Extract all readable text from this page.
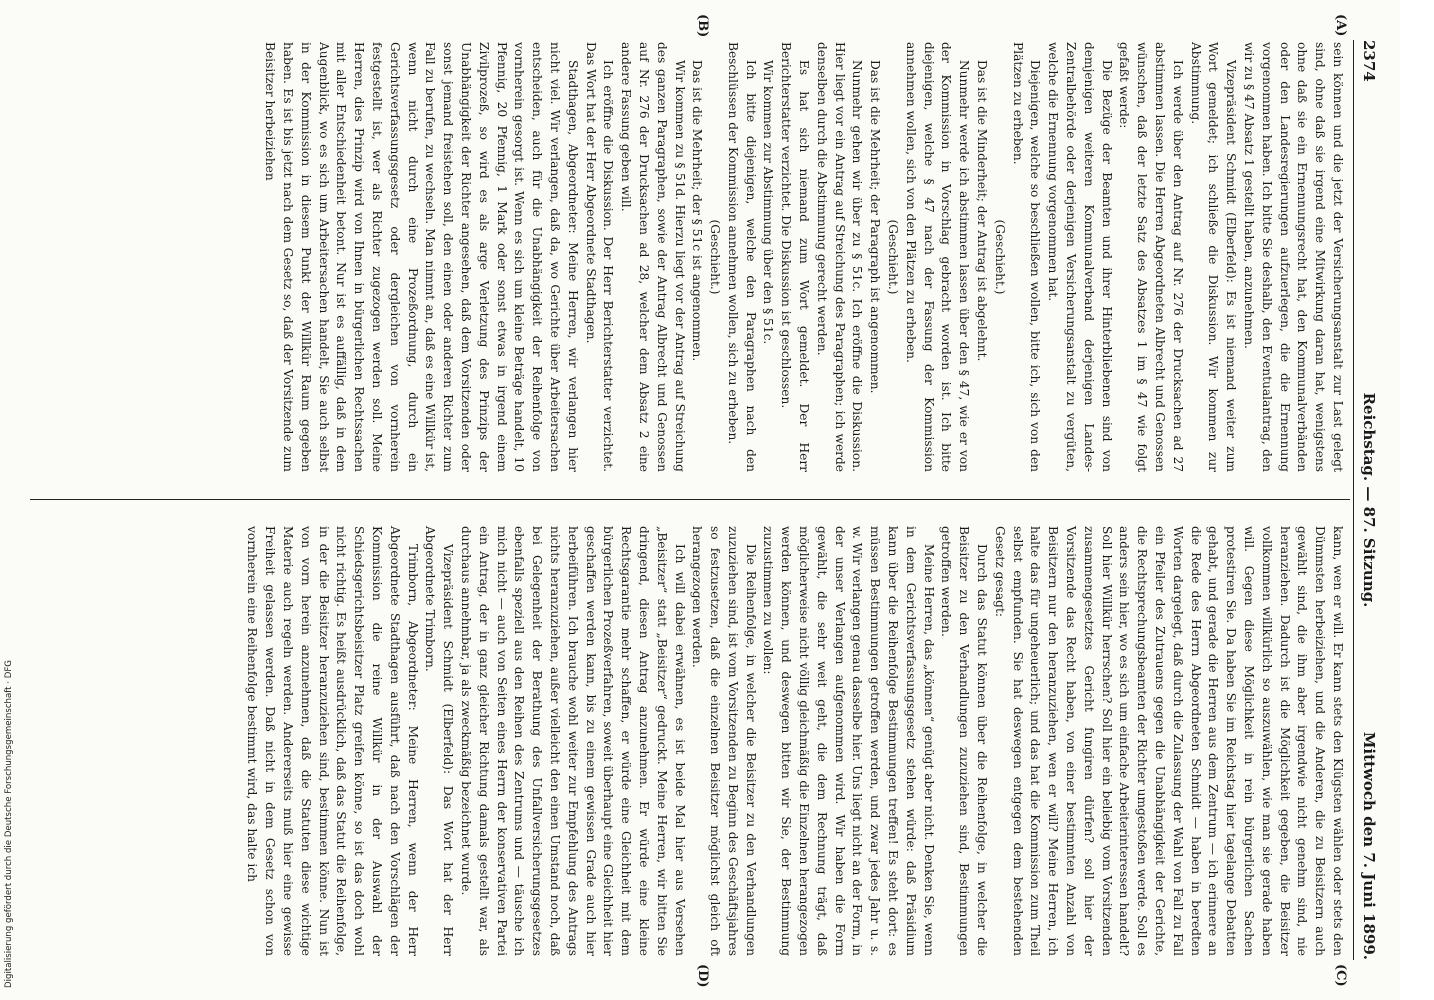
2374
Reichstag. — 87. Sitzung.
Mittwoch den 7. Juni 1899.
(A)
(B)
(C)
(D)

sein können und die jetzt der Versicherungsanstalt zur Last gelegt sind, ohne daß sie irgend eine Mitwirkung daran hat, wenigstens ohne daß sie ein Ernennungsrecht hat, den Kommunalverbänden oder den Landesregierungen aufzuerlegen, die die Ernennung vorgenommen haben. Ich bitte Sie deshalb, den Eventualantrag, den wir zu § 47 Absatz 1 gestellt haben, anzunehmen.

Vizepräsident Schmidt (Elberfeld): Es ist niemand weiter zum Wort gemeldet; ich schließe die Diskussion. Wir kommen zur Abstimmung.

Ich werde über den Antrag auf Nr. 276 der Drucksachen ad 27 abstimmen lassen. Die Herren Abgeordneten Albrecht und Genossen wünschen, daß der letzte Satz des Absatzes 1 im § 47 wie folgt gefaßt werde:

Die Bezüge der Beamten und ihrer Hinterbliebenen sind von demjenigen weiteren Kommunalverband derjenigen Landes-Zentralbehörde oder derjenigen Versicherungsanstalt zu vergüten, welche die Ernennung vorgenommen hat.

Diejenigen, welche so beschließen wollen, bitte ich, sich von den Plätzen zu erheben.

(Geschieht.)

Das ist die Minderheit; der Antrag ist abgelehnt.

Nunmehr werde ich abstimmen lassen über den § 47, wie er von der Kommission in Vorschlag gebracht worden ist. Ich bitte diejenigen, welche § 47 nach der Fassung der Kommission annehmen wollen, sich von den Plätzen zu erheben.

(Geschieht.)

Das ist die Mehrheit; der Paragraph ist angenommen.

Nunmehr gehen wir über zu § 51c. Ich eröffne die Diskussion. Hier liegt vor ein Antrag auf Streichung des Paragraphen; ich werde denselben durch die Abstimmung gerecht werden.

Es hat sich niemand zum Wort gemeldet. Der Herr Berichterstatter verzichtet. Die Diskussion ist geschlossen.

Wir kommen zur Abstimmung über den § 51c.

Ich bitte diejenigen, welche den Paragraphen nach den Beschlüssen der Kommission annehmen wollen, sich zu erheben.

(Geschieht.)

Das ist die Mehrheit; der § 51c ist angenommen.

Wir kommen zu § 51d. Hierzu liegt vor der Antrag auf Streichung des ganzen Paragraphen, sowie der Antrag Albrecht und Genossen auf Nr. 276 der Drucksachen ad 28, welcher dem Absatz 2 eine andere Fassung geben will.

Ich eröffne die Diskussion. Der Herr Berichterstatter verzichtet. Das Wort hat der Herr Abgeordnete Stadthagen.

Stadthagen, Abgeordneter: Meine Herren, wir verlangen hier nicht viel. Wir verlangen, daß da, wo Gerichte über Arbeitersachen entscheiden, auch für die Unabhängigkeit der Reihenfolge von vornherein gesorgt ist. Wenn es sich um kleine Beträge handelt, 10 Pfennig, 20 Pfennig, 1 Mark oder sonst etwas in irgend einem Zivilprozeß, so wird es als arge Verletzung des Prinzips der Unabhängigkeit der Richter angesehen, daß dem Vorsitzenden oder sonst jemand freistehen soll, den einen oder anderen Richter zum Fall zu berufen, zu wechseln. Man nimmt an, daß es eine Willkür ist, wenn nicht durch eine Prozeßordnung, durch ein Gerichtsverfassungsgesetz oder dergleichen von vornherein festgestellt ist, wer als Richter zugezogen werden soll. Meine Herren, dies Prinzip wird von Ihnen in bürgerlichen Rechtssachen mit aller Entschiedenheit betont. Nur ist es auffällig, daß in dem Augenblick, wo es sich um Arbeitersachen handelt, Sie auch selbst in der Kommission in diesem Punkt der Willkür Raum gegeben haben. Es ist bis jetzt nach dem Gesetz so, daß der Vorsitzende zum Beisitzer herbeiziehen

kann, wen er will. Er kann stets den Klügsten wählen oder stets den Dümmsten herbeiziehen, und die Anderen, die zu Beisitzern auch gewählt sind, die ihm aber irgendwie nicht genehm sind, nie heranziehen. Dadurch ist die Möglichkeit gegeben, die Beisitzer vollkommen willkürlich so auszuwählen, wie man sie gerade haben will. Gegen diese Möglichkeit in rein bürgerlichen Sachen protestiren Sie. Da haben Sie im Reichstag hier tagelange Debatten gehabt, und gerade die Herren aus dem Zentrum — ich erinnere an die Rede des Herrn Abgeordneten Schmidt — haben in beredten Worten dargelegt, daß durch die Zulassung der Wahl von Fall zu Fall ein Pfeiler des Zutrauens gegen die Unabhängigkeit der Gerichte, die Rechtsprechungsbeamten der Richter umgestoßen werde. Soll es anders sein hier, wo es sich um einfache Arbeiterinteressen handelt? Soll hier Willkür herrschen? Soll hier ein beliebig vom Vorsitzenden zusammengesetztes Gericht fungiren dürfen? soll hier der Vorsitzende das Recht haben, von einer bestimmten Anzahl von Beisitzern nur den heranzuziehen, wen er will? Meine Herren, ich halte das für ungeheuerlich; und das hat die Kommission zum Theil selbst empfunden. Sie hat deswegen entgegen dem bestehenden Gesetz gesagt:

Durch das Statut können über die Reihenfolge, in welcher die Beisitzer zu den Verhandlungen zuzuziehen sind, Bestimmungen getroffen werden.

Meine Herren, das „können“ genügt aber nicht. Denken Sie, wenn in dem Gerichtsverfassungsgesetz stehen würde: daß Präsidium kann über die Reihenfolge Bestimmungen treffen! Es steht dort: es müssen Bestimmungen getroffen werden, und zwar jedes Jahr u. s. w. Wir verlangen genau dasselbe hier. Uns liegt nicht an der Form, in der unser Verlangen aufgenommen wird. Wir haben die Form gewählt, die sehr weit geht, die dem Rechnung trägt, daß möglicherweise nicht völlig gleichmäßig die Einzelnen herangezogen werden können, und deswegen bitten wir Sie, der Bestimmung zuzustimmen zu wollen:

Die Reihenfolge, in welcher die Beisitzer zu den Verhandlungen zuzuziehen sind, ist vom Vorsitzenden zu Beginn des Geschäftsjahres so festzusetzen, daß die einzelnen Beisitzer möglichst gleich oft herangezogen werden.

Ich will dabei erwähnen, es ist beide Mal hier aus Versehen „Beisitzer“ statt „Beisitzer“ gedruckt. Meine Herren, wir bitten Sie dringend, diesen Antrag anzunehmen. Er würde eine kleine Rechtsgarantie mehr schaffen, er würde eine Gleichheit mit dem bürgerlichen Prozeßverfahren, soweit überhaupt eine Gleichheit hier geschaffen werden kann, bis zu einem gewissen Grade auch hier herbeiführen. Ich brauche wohl weiter zur Empfehlung des Antrags nichts heranzuziehen, außer vielleicht den einen Umstand noch, daß bei Gelegenheit der Berathung des Unfallversicherungsgesetzes ebenfalls speziell aus den Reihen des Zentrums und — täusche ich mich nicht — auch von Seiten eines Herrn der konservativen Partei ein Antrag, der in ganz gleicher Richtung damals gestellt war, als durchaus annehmbar, ja als zweckmäßig bezeichnet wurde.

Vizepräsident Schmidt (Elberfeld): Das Wort hat der Herr Abgeordnete Trimborn.

Trimborn, Abgeordneter: Meine Herren, wenn der Herr Abgeordnete Stadthagen ausführt, daß nach den Vorschlägen der Kommission die reine Willkür in der Auswahl der Schiedsgerichtsbeisitzer Platz greifen könne, so ist das doch wohl nicht richtig. Es heißt ausdrücklich, daß das Statut die Reihenfolge, in der die Beisitzer heranzuziehen sind, bestimmen könne. Nun ist von vorn herein anzunehmen, daß die Statuten diese wichtige Materie auch regeln werden. Andererseits muß hier eine gewisse Freiheit gelassen werden. Daß nicht in dem Gesetz schon von vornherein eine Reihenfolge bestimmt wird, das halte ich

Digitalisierung gefördert durch die Deutsche Forschungsgemeinschaft · DFG
